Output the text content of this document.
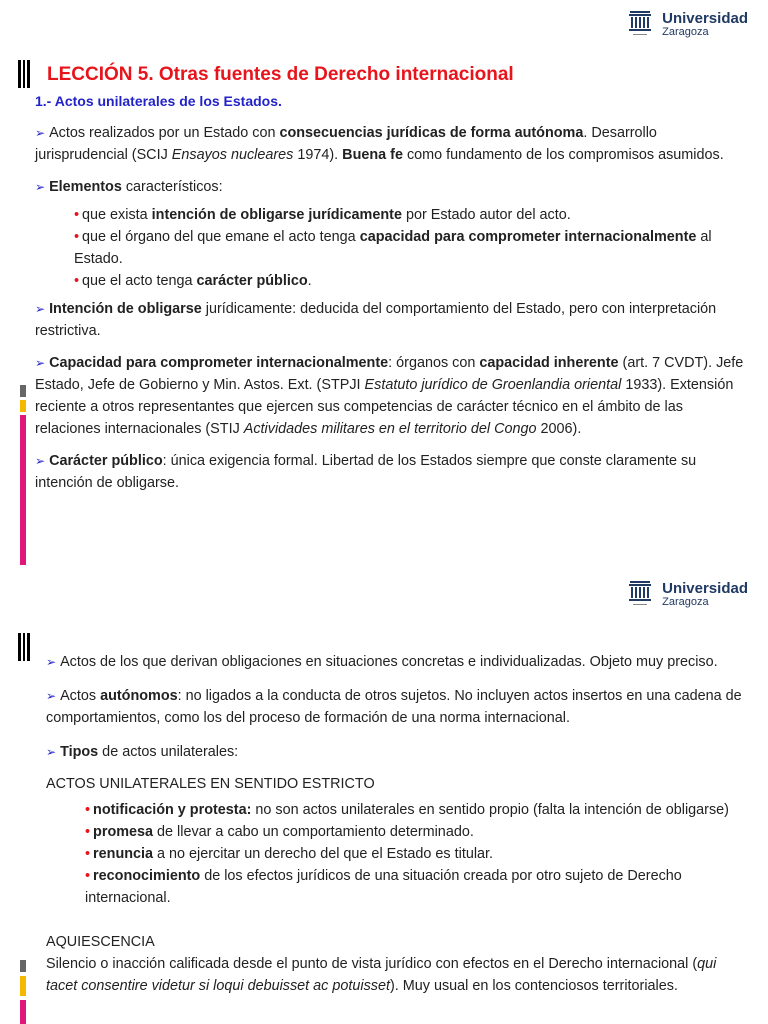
Universidad
Zaragoza
LECCIÓN 5. Otras fuentes de Derecho internacional
1.- Actos unilaterales de los Estados.

➢ Actos realizados por un Estado con consecuencias jurídicas de forma autónoma. Desarrollo jurisprudencial (SCIJ Ensayos nucleares 1974). Buena fe como fundamento de los compromisos asumidos.

➢ Elementos característicos:

• que exista intención de obligarse jurídicamente por Estado autor del acto.

• que el órgano del que emane el acto tenga capacidad para comprometer internacionalmente al Estado.

• que el acto tenga carácter público.

➢ Intención de obligarse jurídicamente: deducida del comportamiento del Estado, pero con interpretación restrictiva.

➢ Capacidad para comprometer internacionalmente: órganos con capacidad inherente (art. 7 CVDT). Jefe Estado, Jefe de Gobierno y Min. Astos. Ext. (STPJI Estatuto jurídico de Groenlandia oriental 1933). Extensión reciente a otros representantes que ejercen sus competencias de carácter técnico en el ámbito de las relaciones internacionales (STIJ Actividades militares en el territorio del Congo 2006).

➢ Carácter público: única exigencia formal. Libertad de los Estados siempre que conste claramente su intención de obligarse.

Universidad
Zaragoza

➢ Actos de los que derivan obligaciones en situaciones concretas e individualizadas. Objeto muy preciso.

➢ Actos autónomos: no ligados a la conducta de otros sujetos. No incluyen actos insertos en una cadena de comportamientos, como los del proceso de formación de una norma internacional.

➢ Tipos de actos unilaterales:

ACTOS UNILATERALES EN SENTIDO ESTRICTO

• notificación y protesta: no son actos unilaterales en sentido propio (falta la intención de obligarse)

• promesa de llevar a cabo un comportamiento determinado.

• renuncia a no ejercitar un derecho del que el Estado es titular.

• reconocimiento de los efectos jurídicos de una situación creada por otro sujeto de Derecho internacional.

AQUIESCENCIA

Silencio o inacción calificada desde el punto de vista jurídico con efectos en el Derecho internacional (qui tacet consentire videtur si loqui debuisset ac potuisset). Muy usual en los contenciosos territoriales.
